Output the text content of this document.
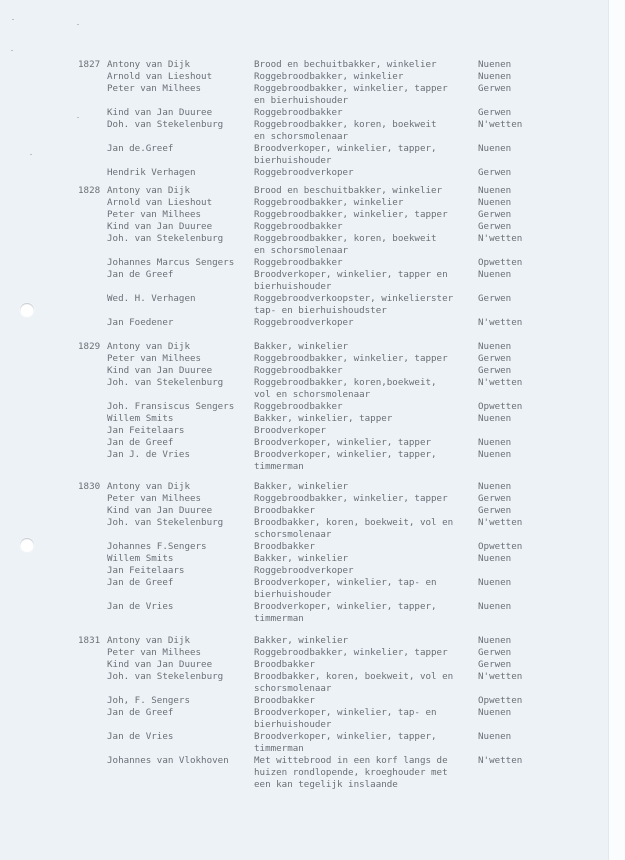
1827 Antony van Dijk	Brood en bechuitbakker, winkelier	Nuenen
Arnold van Lieshout	Roggebroodbakker, winkelier	Nuenen
Peter van Milhees	Roggebroodbakker, winkelier, tapper	Gerwen
en bierhuishouder
Kind van Jan Duuree	Roggebroodbakker	Gerwen
Doh. van Stekelenburg	Roggebroodbakker, koren, boekweit	N'wetten
en schorsmolenaar
Jan de.Greef	Broodverkoper, winkelier, tapper,	Nuenen
bierhuishouder
Hendrik Verhagen	Roggebroodverkoper	Gerwen
1828 Antony van Dijk	Brood en beschuitbakker, winkelier	Nuenen
Arnold van Lieshout	Roggebroodbakker, winkelier	Nuenen
Peter van Milhees	Roggebroodbakker, winkelier, tapper	Gerwen
Kind van Jan Duuree	Roggebroodbakker	Gerwen
Joh. van Stekelenburg	Roggebroodbakker, koren, boekweit	N'wetten
en schorsmolenaar
Johannes Marcus Sengers Roggebroodbakker	Opwetten
Jan de Greef	Broodverkoper, winkelier, tapper en	Nuenen
bierhuishouder
Wed. H. Verhagen	Roggebroodverkoopster, winkelierster	Gerwen
tap- en bierhuishoudster
Jan Foedener	Roggebroodverkoper	N'wetten
1829 Antony van Dijk	Bakker, winkelier	Nuenen
Peter van Milhees	Roggebroodbakker, winkelier, tapper	Gerwen
Kind van Jan Duuree	Roggebroodbakker	Gerwen
Joh. van Stekelenburg	Roggebroodbakker, koren,boekweit,	N'wetten
vol en schorsmolenaar
Joh. Fransiscus Sengers Roggebroodbakker	Opwetten
Willem Smits	Bakker, winkelier, tapper	Nuenen
Jan Feitelaars	Broodverkoper
Jan de Greef	Broodverkoper, winkelier, tapper	Nuenen
Jan J. de Vries	Broodverkoper, winkelier, tapper,	Nuenen
timmerman
1830 Antony van Dijk	Bakker, winkelier	Nuenen
Peter van Milhees	Roggebroodbakker, winkelier, tapper	Gerwen
Kind van Jan Duuree	Broodbakker	Gerwen
Joh. van Stekelenburg	Broodbakker, koren, boekweit, vol en	N'wetten
schorsmolenaar
Johannes F.Sengers	Broodbakker	Opwetten
Willem Smits	Bakker, winkelier	Nuenen
Jan Feitelaars	Roggebroodverkoper
Jan de Greef	Broodverkoper, winkelier, tap- en	Nuenen
bierhuishouder
Jan de Vries	Broodverkoper, winkelier, tapper,	Nuenen
timmerman
1831 Antony van Dijk	Bakker, winkelier	Nuenen
Peter van Milhees	Roggebroodbakker, winkelier, tapper	Gerwen
Kind van Jan Duuree	Broodbakker	Gerwen
Joh. van Stekelenburg	Broodbakker, koren, boekweit, vol en	N'wetten
schorsmolenaar
Joh, F. Sengers	Broodbakker	Opwetten
Jan de Greef	Broodverkoper, winkelier, tap- en	Nuenen
bierhuishouder
Jan de Vries	Broodverkoper, winkelier, tapper,	Nuenen
timmerman
Johannes van Vlokhoven	Met wittebrood in een korf langs de	N'wetten
huizen rondlopende, kroeghouder met
een kan tegelijk inslaande
